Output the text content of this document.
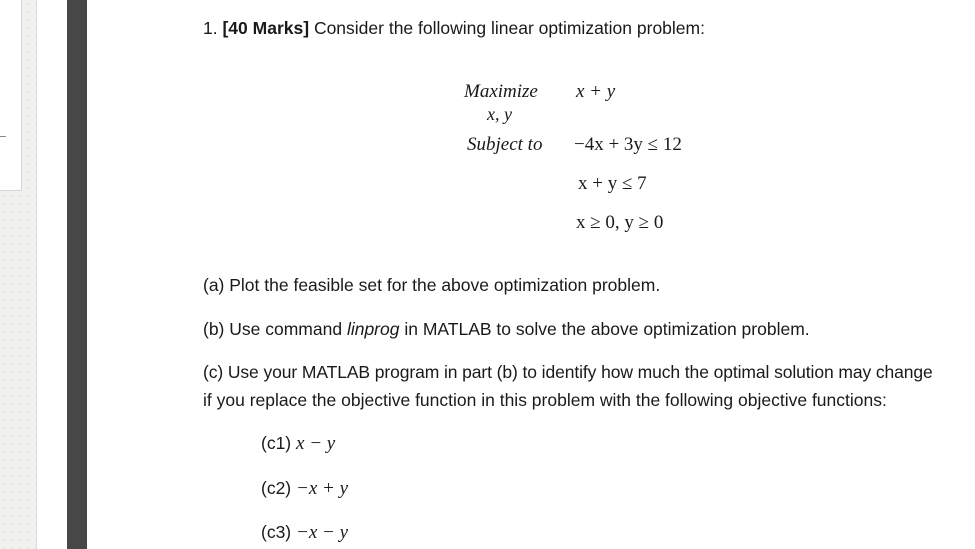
1. [40 Marks] Consider the following linear optimization problem:
Maximize x + y
x, y
Subject to −4x + 3y ≤ 12
x + y ≤ 7
x ≥ 0, y ≥ 0
(a) Plot the feasible set for the above optimization problem.
(b) Use command linprog in MATLAB to solve the above optimization problem.
(c) Use your MATLAB program in part (b) to identify how much the optimal solution may change
if you replace the objective function in this problem with the following objective functions:
(c1) x − y
(c2) −x + y
(c3) −x − y
